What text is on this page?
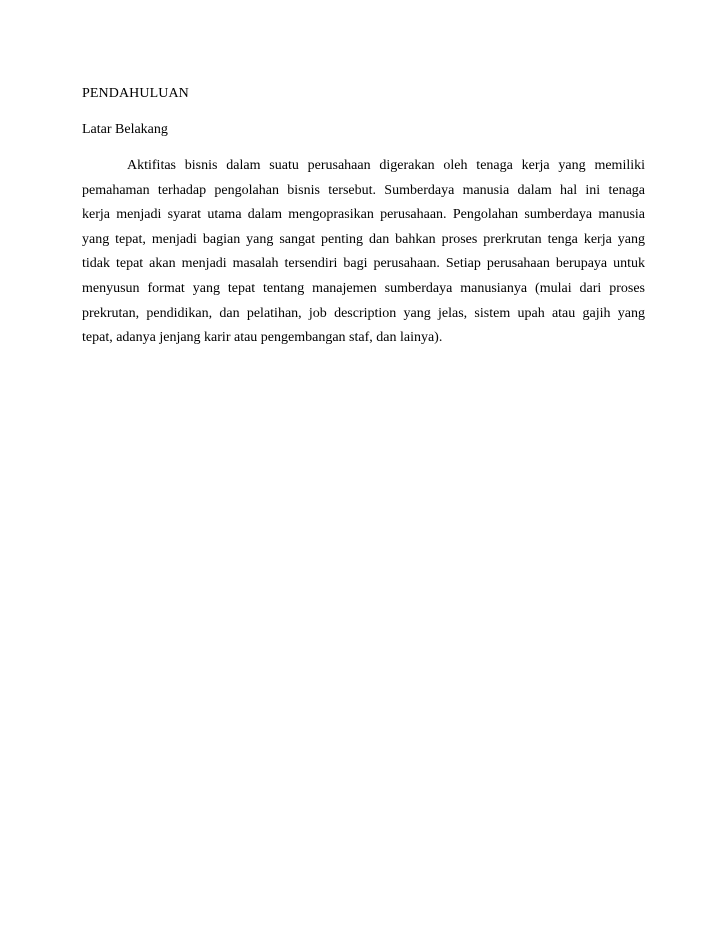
PENDAHULUAN
Latar Belakang
Aktifitas bisnis dalam suatu perusahaan digerakan oleh tenaga kerja yang memiliki
pemahaman terhadap pengolahan bisnis tersebut. Sumberdaya manusia dalam hal ini tenaga
kerja menjadi syarat utama dalam mengoprasikan perusahaan. Pengolahan sumberdaya manusia
yang tepat, menjadi bagian yang sangat penting dan bahkan proses prerkrutan tenga kerja yang
tidak tepat akan menjadi masalah tersendiri bagi perusahaan. Setiap perusahaan berupaya untuk
menyusun format yang tepat tentang manajemen sumberdaya manusianya (mulai dari proses
prekrutan, pendidikan, dan pelatihan, job description yang jelas, sistem upah atau gajih yang
tepat, adanya jenjang karir atau pengembangan staf, dan lainya).
